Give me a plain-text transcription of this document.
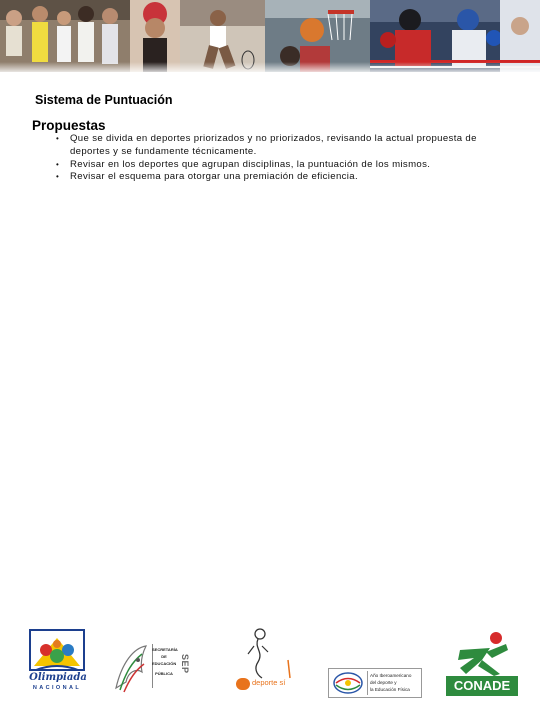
Sistema de Puntuación
Propuestas
• Que se divida en deportes priorizados y no priorizados, revisando la actual propuesta de deportes y se fundamente técnicamente.
• Revisar en los deportes que agrupan disciplinas, la puntuación de los mismos.
• Revisar el esquema para otorgar una premiación de eficiencia.
Olimpiada
NACIONAL
SECRETARÍA DE
EDUCACIÓN
PÚBLICA SEP
deporte sí
Año Iberoamericano
del deporte y
la Educación Física	CONADE
